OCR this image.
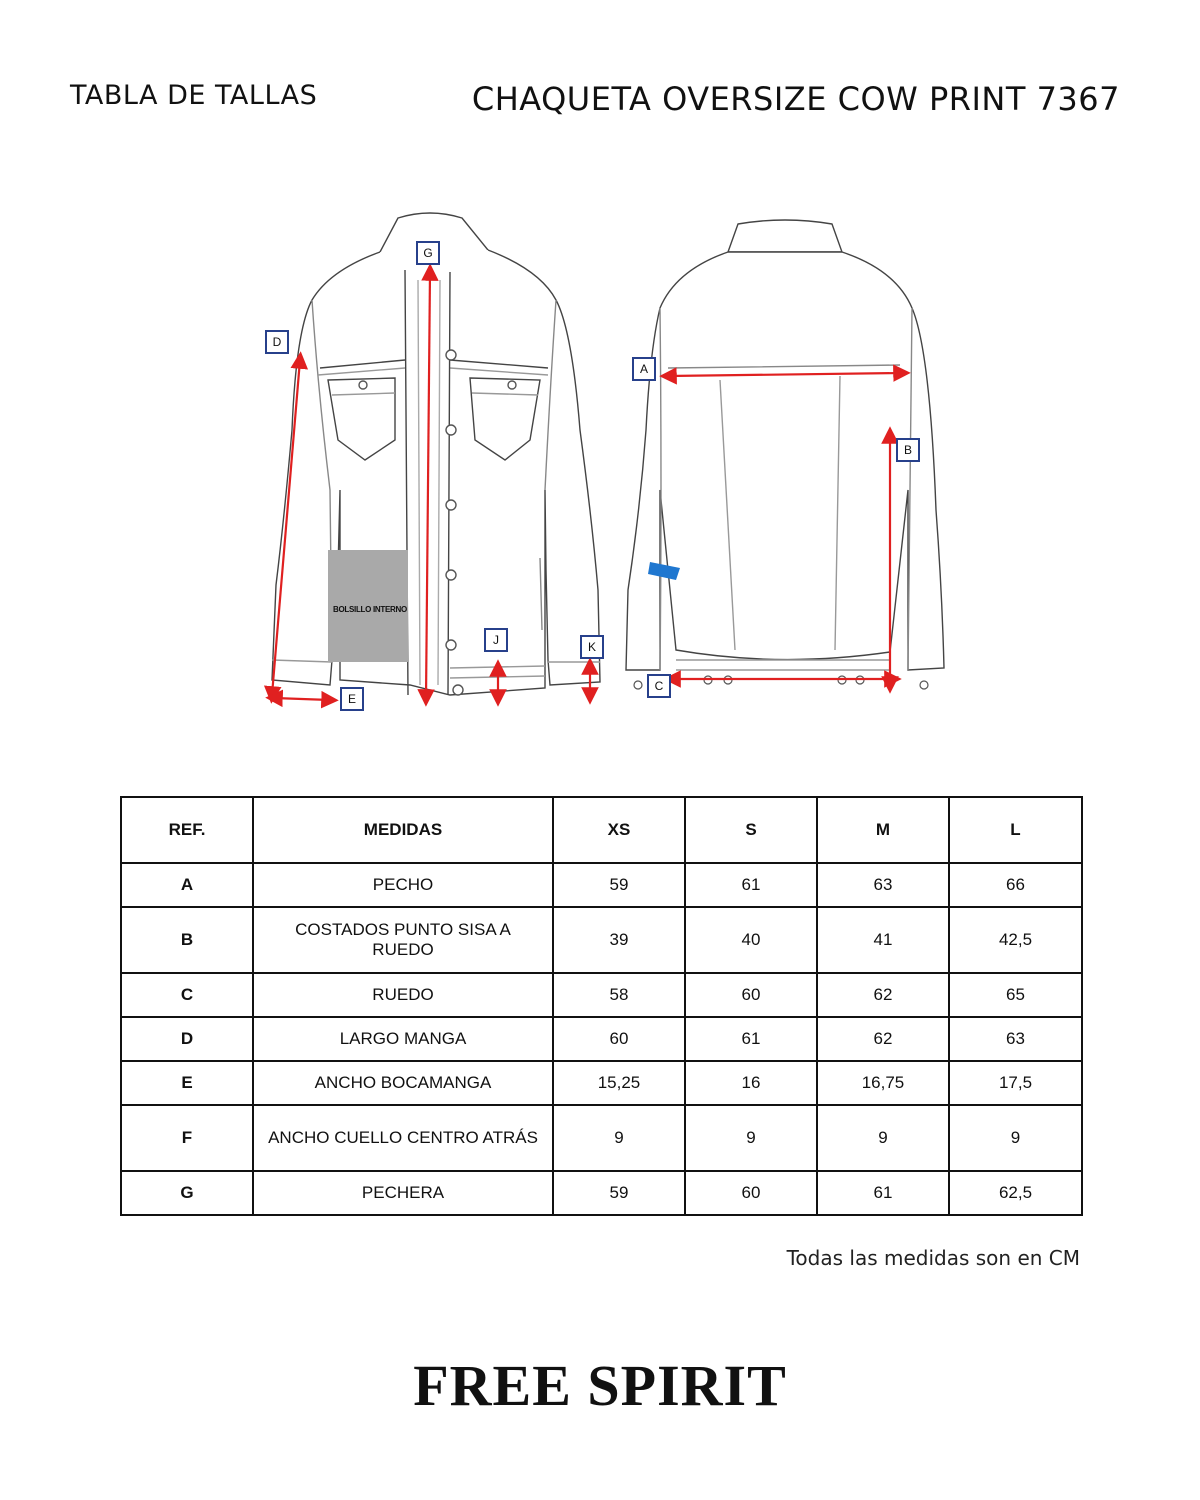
TABLA DE TALLAS	CHAQUETA OVERSIZE COW PRINT 7367
D
G
J	K
E
A
B
C
BOLSILLO INTERNO
REF.	MEDIDAS	XS	S	M	L
A	PECHO	59	61	63	66
B	COSTADOS PUNTO SISA A RUEDO	39	40	41	42,5
C	RUEDO	58	60	62	65
D	LARGO MANGA	60	61	62	63
E	ANCHO BOCAMANGA	15,25	16	16,75	17,5
F	ANCHO CUELLO CENTRO ATRÁS	9	9	9	9
G	PECHERA	59	60	61	62,5
Todas las medidas son en CM
FREE SPIRIT
